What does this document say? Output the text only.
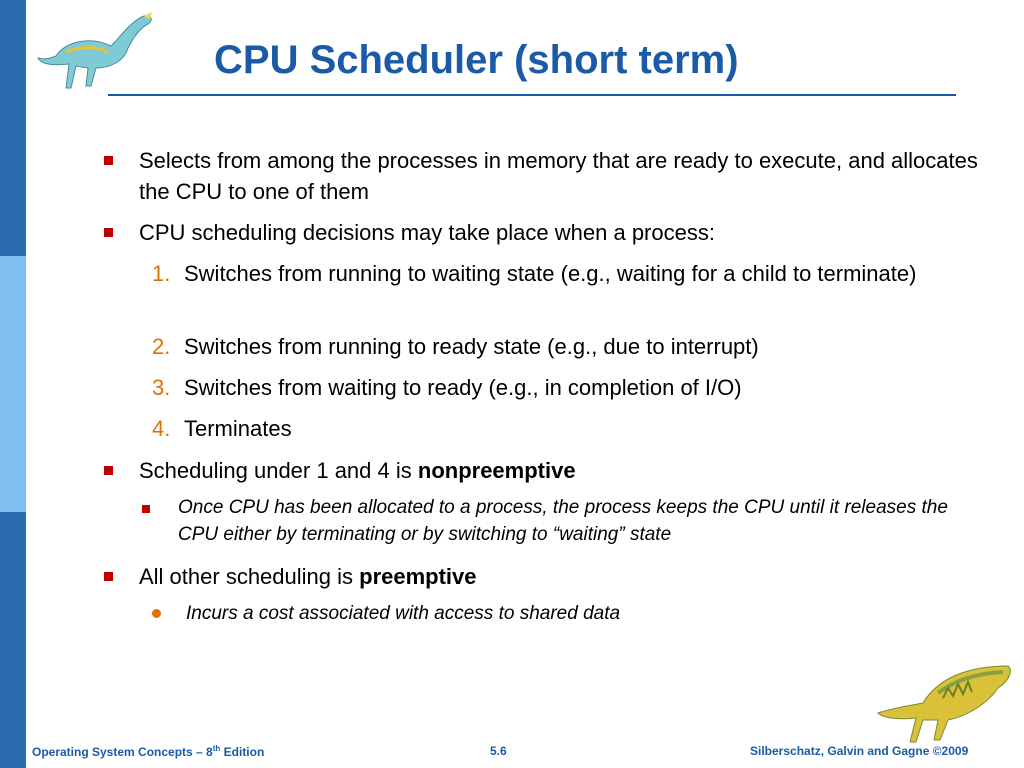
CPU Scheduler (short term)
Selects from among the processes in memory that are ready to execute, and allocates the CPU to one of them
CPU scheduling decisions may take place when a process:
1. Switches from running to waiting state (e.g., waiting for a child to terminate)
2. Switches from running to ready state (e.g., due to interrupt)
3. Switches from waiting to ready (e.g., in completion of I/O)
4. Terminates
Scheduling under 1 and 4 is nonpreemptive
Once CPU has been allocated to a process, the process keeps the CPU until it releases the CPU either by terminating or by switching to “waiting” state
All other scheduling is preemptive
Incurs a cost associated with access to shared data
Operating System Concepts – 8th Edition	5.6	Silberschatz, Galvin and Gagne ©2009
